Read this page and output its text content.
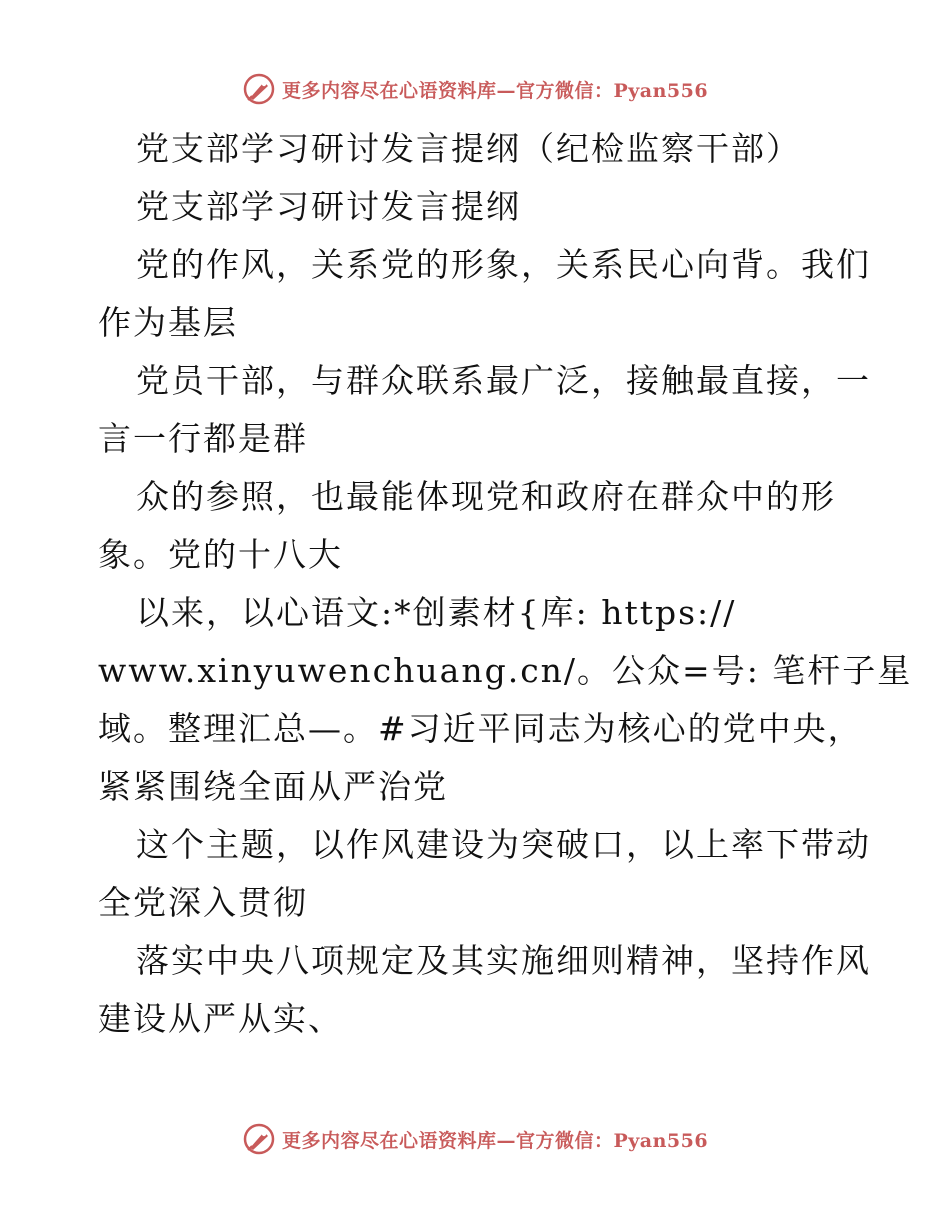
更多内容尽在心语资料库—官方微信：Pyan556
党支部学习研讨发言提纲（纪检监察干部）
党支部学习研讨发言提纲
党的作风，关系党的形象，关系民心向背。我们
作为基层
党员干部，与群众联系最广泛，接触最直接，一
言一行都是群
众的参照，也最能体现党和政府在群众中的形
象。党的十八大
以来，以心语文:*创素材{库: https://
www.xinyuwenchuang.cn/。公众=号: 笔杆子星
域。整理汇总—。#习近平同志为核心的党中央，
紧紧围绕全面从严治党
这个主题，以作风建设为突破口，以上率下带动
全党深入贯彻
落实中央八项规定及其实施细则精神，坚持作风
建设从严从实、
更多内容尽在心语资料库—官方微信：Pyan556
